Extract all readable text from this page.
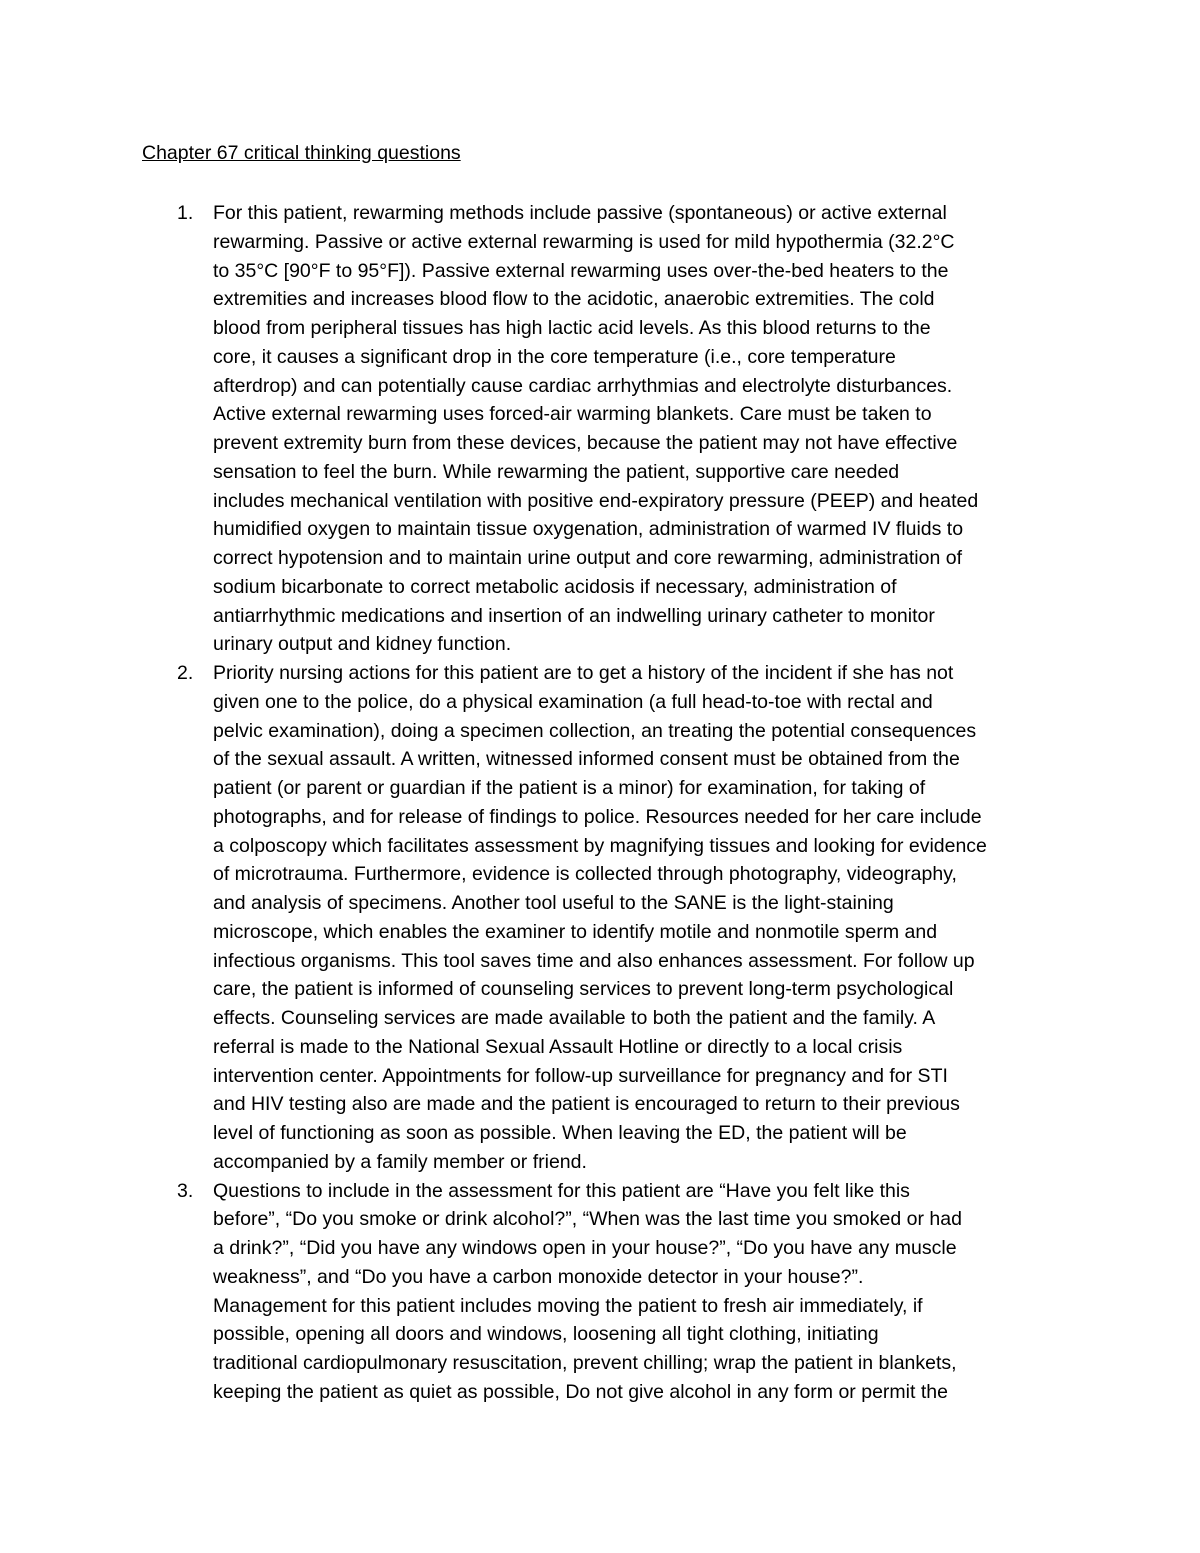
Chapter 67 critical thinking questions
1. For this patient, rewarming methods include passive (spontaneous) or active external
rewarming. Passive or active external rewarming is used for mild hypothermia (32.2°C
to 35°C [90°F to 95°F]). Passive external rewarming uses over-the-bed heaters to the
extremities and increases blood flow to the acidotic, anaerobic extremities. The cold
blood from peripheral tissues has high lactic acid levels. As this blood returns to the
core, it causes a significant drop in the core temperature (i.e., core temperature
afterdrop) and can potentially cause cardiac arrhythmias and electrolyte disturbances.
Active external rewarming uses forced-air warming blankets. Care must be taken to
prevent extremity burn from these devices, because the patient may not have effective
sensation to feel the burn. While rewarming the patient, supportive care needed
includes mechanical ventilation with positive end-expiratory pressure (PEEP) and heated
humidified oxygen to maintain tissue oxygenation, administration of warmed IV fluids to
correct hypotension and to maintain urine output and core rewarming, administration of
sodium bicarbonate to correct metabolic acidosis if necessary, administration of
antiarrhythmic medications and insertion of an indwelling urinary catheter to monitor
urinary output and kidney function.
2. Priority nursing actions for this patient are to get a history of the incident if she has not
given one to the police, do a physical examination (a full head-to-toe with rectal and
pelvic examination), doing a specimen collection, an treating the potential consequences
of the sexual assault. A written, witnessed informed consent must be obtained from the
patient (or parent or guardian if the patient is a minor) for examination, for taking of
photographs, and for release of findings to police. Resources needed for her care include
a colposcopy which facilitates assessment by magnifying tissues and looking for evidence
of microtrauma. Furthermore, evidence is collected through photography, videography,
and analysis of specimens. Another tool useful to the SANE is the light-staining
microscope, which enables the examiner to identify motile and nonmotile sperm and
infectious organisms. This tool saves time and also enhances assessment. For follow up
care, the patient is informed of counseling services to prevent long-term psychological
effects. Counseling services are made available to both the patient and the family. A
referral is made to the National Sexual Assault Hotline or directly to a local crisis
intervention center. Appointments for follow-up surveillance for pregnancy and for STI
and HIV testing also are made and the patient is encouraged to return to their previous
level of functioning as soon as possible. When leaving the ED, the patient will be
accompanied by a family member or friend.
3. Questions to include in the assessment for this patient are “Have you felt like this
before”, “Do you smoke or drink alcohol?”, “When was the last time you smoked or had
a drink?”, “Did you have any windows open in your house?”, “Do you have any muscle
weakness”, and “Do you have a carbon monoxide detector in your house?”.
Management for this patient includes moving the patient to fresh air immediately, if
possible, opening all doors and windows, loosening all tight clothing, initiating
traditional cardiopulmonary resuscitation, prevent chilling; wrap the patient in blankets,
keeping the patient as quiet as possible, Do not give alcohol in any form or permit the
